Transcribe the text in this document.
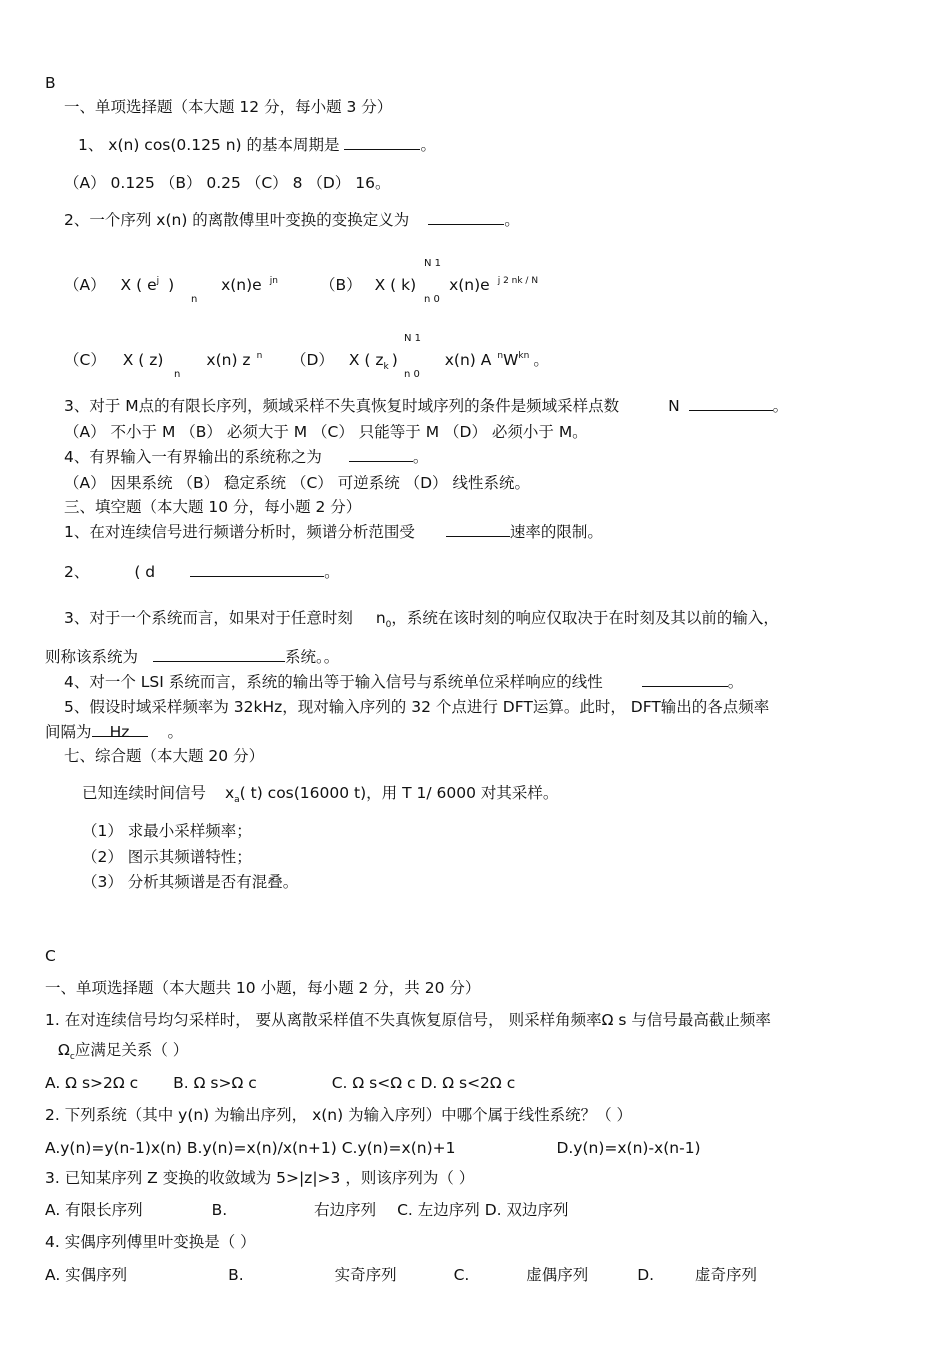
B
一、单项选择题（本大题 12 分，每小题 3 分）
1、 x(n) cos(0.125 n) 的基本周期是	。
（A） 0.125 （B） 0.25 （C） 8 （D） 16。
2、一个序列 x(n) 的离散傅里叶变换的变换定义为	。
（A） X ( $e^j$ )	x(n)e $^{jn}$
n
（B） X ( k) x(n)e $^{j 2 nk / N}$
N 1
n 0
（C） X ( z)	x(n) z $^n$
n
（D） X ( $z_k$ )	x(n) A $^nW^{kn}$ 。
N 1
n 0
3、对于 M点的有限长序列，频域采样不失真恢复时域序列的条件是频域采样点数	N	。
（A） 不小于 M （B） 必须大于 M （C） 只能等于 M （D） 必须小于 M。
4、有界输入一有界输出的系统称之为	。
（A） 因果系统 （B） 稳定系统 （C） 可逆系统 （D） 线性系统。
三、填空题（本大题 10 分，每小题 2 分）
1、在对连续信号进行频谱分析时，频谱分析范围受	速率的限制。
2、	( d	。
3、对于一个系统而言，如果对于任意时刻 $n_0$，系统在该时刻的响应仅取决于在时刻及其以前的输入，
则称该系统为	系统。。
4、对一个 LSI 系统而言，系统的输出等于输入信号与系统单位采样响应的线性	。
5、假设时域采样频率为 32kHz，现对输入序列的 32 个点进行 DFT运算。此时， DFT输出的各点频率
间隔为 Hz 。
七、综合题（本大题 20 分）
已知连续时间信号 $x_a$( t) cos(16000 t)，用 T 1/ 6000 对其采样。
（1） 求最小采样频率；
（2） 图示其频谱特性；
（3） 分析其频谱是否有混叠。
C
一、单项选择题（本大题共 10 小题，每小题 2 分，共 20 分）
1. 在对连续信号均匀采样时， 要从离散采样值不失真恢复原信号， 则采样角频率Ω s 与信号最高截止频率
$\Omega_c$应满足关系（ ）
A. Ω s>2Ω c B. Ω s>Ω c	C. Ω s<Ω c D. Ω s<2Ω c
2. 下列系统（其中 y(n) 为输出序列， x(n) 为输入序列）中哪个属于线性系统？（ ）
A.y(n)=y(n-1)x(n) B.y(n)=x(n)/x(n+1) C.y(n)=x(n)+1	D.y(n)=x(n)-x(n-1)
3. 已知某序列 Z 变换的收敛域为 5>|z|>3 ，则该序列为（ ）
A. 有限长序列	B.	右边序列 C. 左边序列 D. 双边序列
4. 实偶序列傅里叶变换是（ ）
A. 实偶序列	B.	实奇序列	C.	虚偶序列	D.	虚奇序列
